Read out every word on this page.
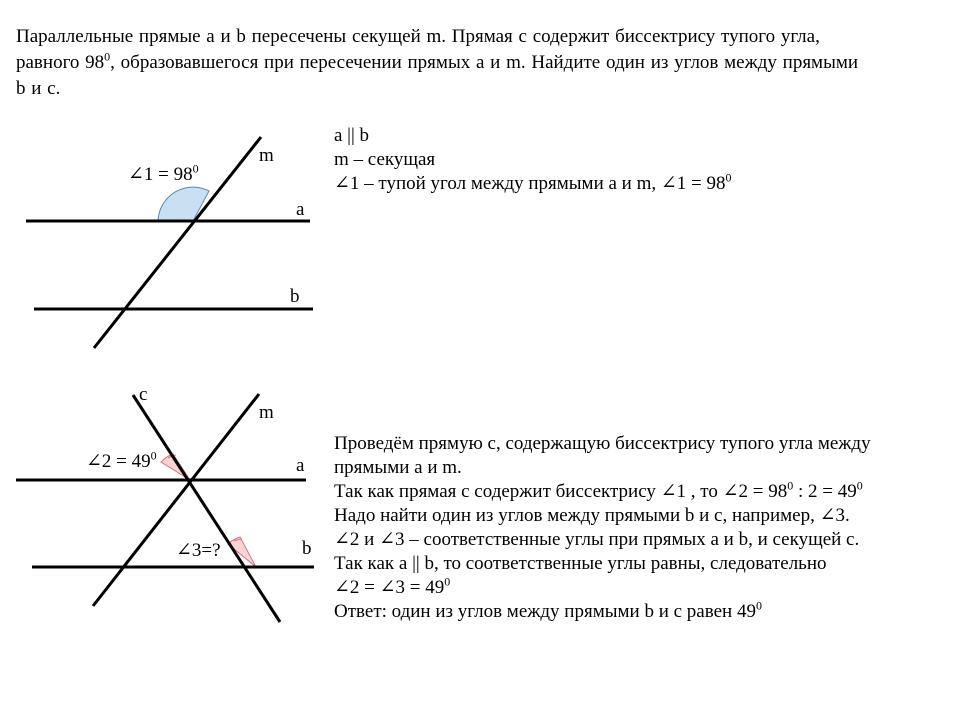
Параллельные прямые a и b пересечены секущей m. Прямая с содержит биссектрису тупого угла,
равного $98^0$, образовавшегося при пересечении прямых a и m. Найдите один из углов между прямыми
b и с.
m
a
b
∠1 = $98^0$
c
m
a
b
∠2 = $49^0$
∠3=?
a || b
m – секущая
∠1 – тупой угол между прямыми а и m, ∠1 = $98^0$
Проведём прямую с, содержащую биссектрису тупого угла между
прямыми а и m.
Так как прямая с содержит биссектрису ∠1 , то ∠2 = $98^0$ : $2 = 49^0$
Надо найти один из углов между прямыми b и с, например, ∠3.
∠2 и ∠3 – соответственные углы при прямых a и b, и секущей с.
Так как a || b, то соответственные углы равны, следовательно
∠2 = ∠3 = $49^0$
Ответ: один из углов между прямыми b и с равен $49^0$
